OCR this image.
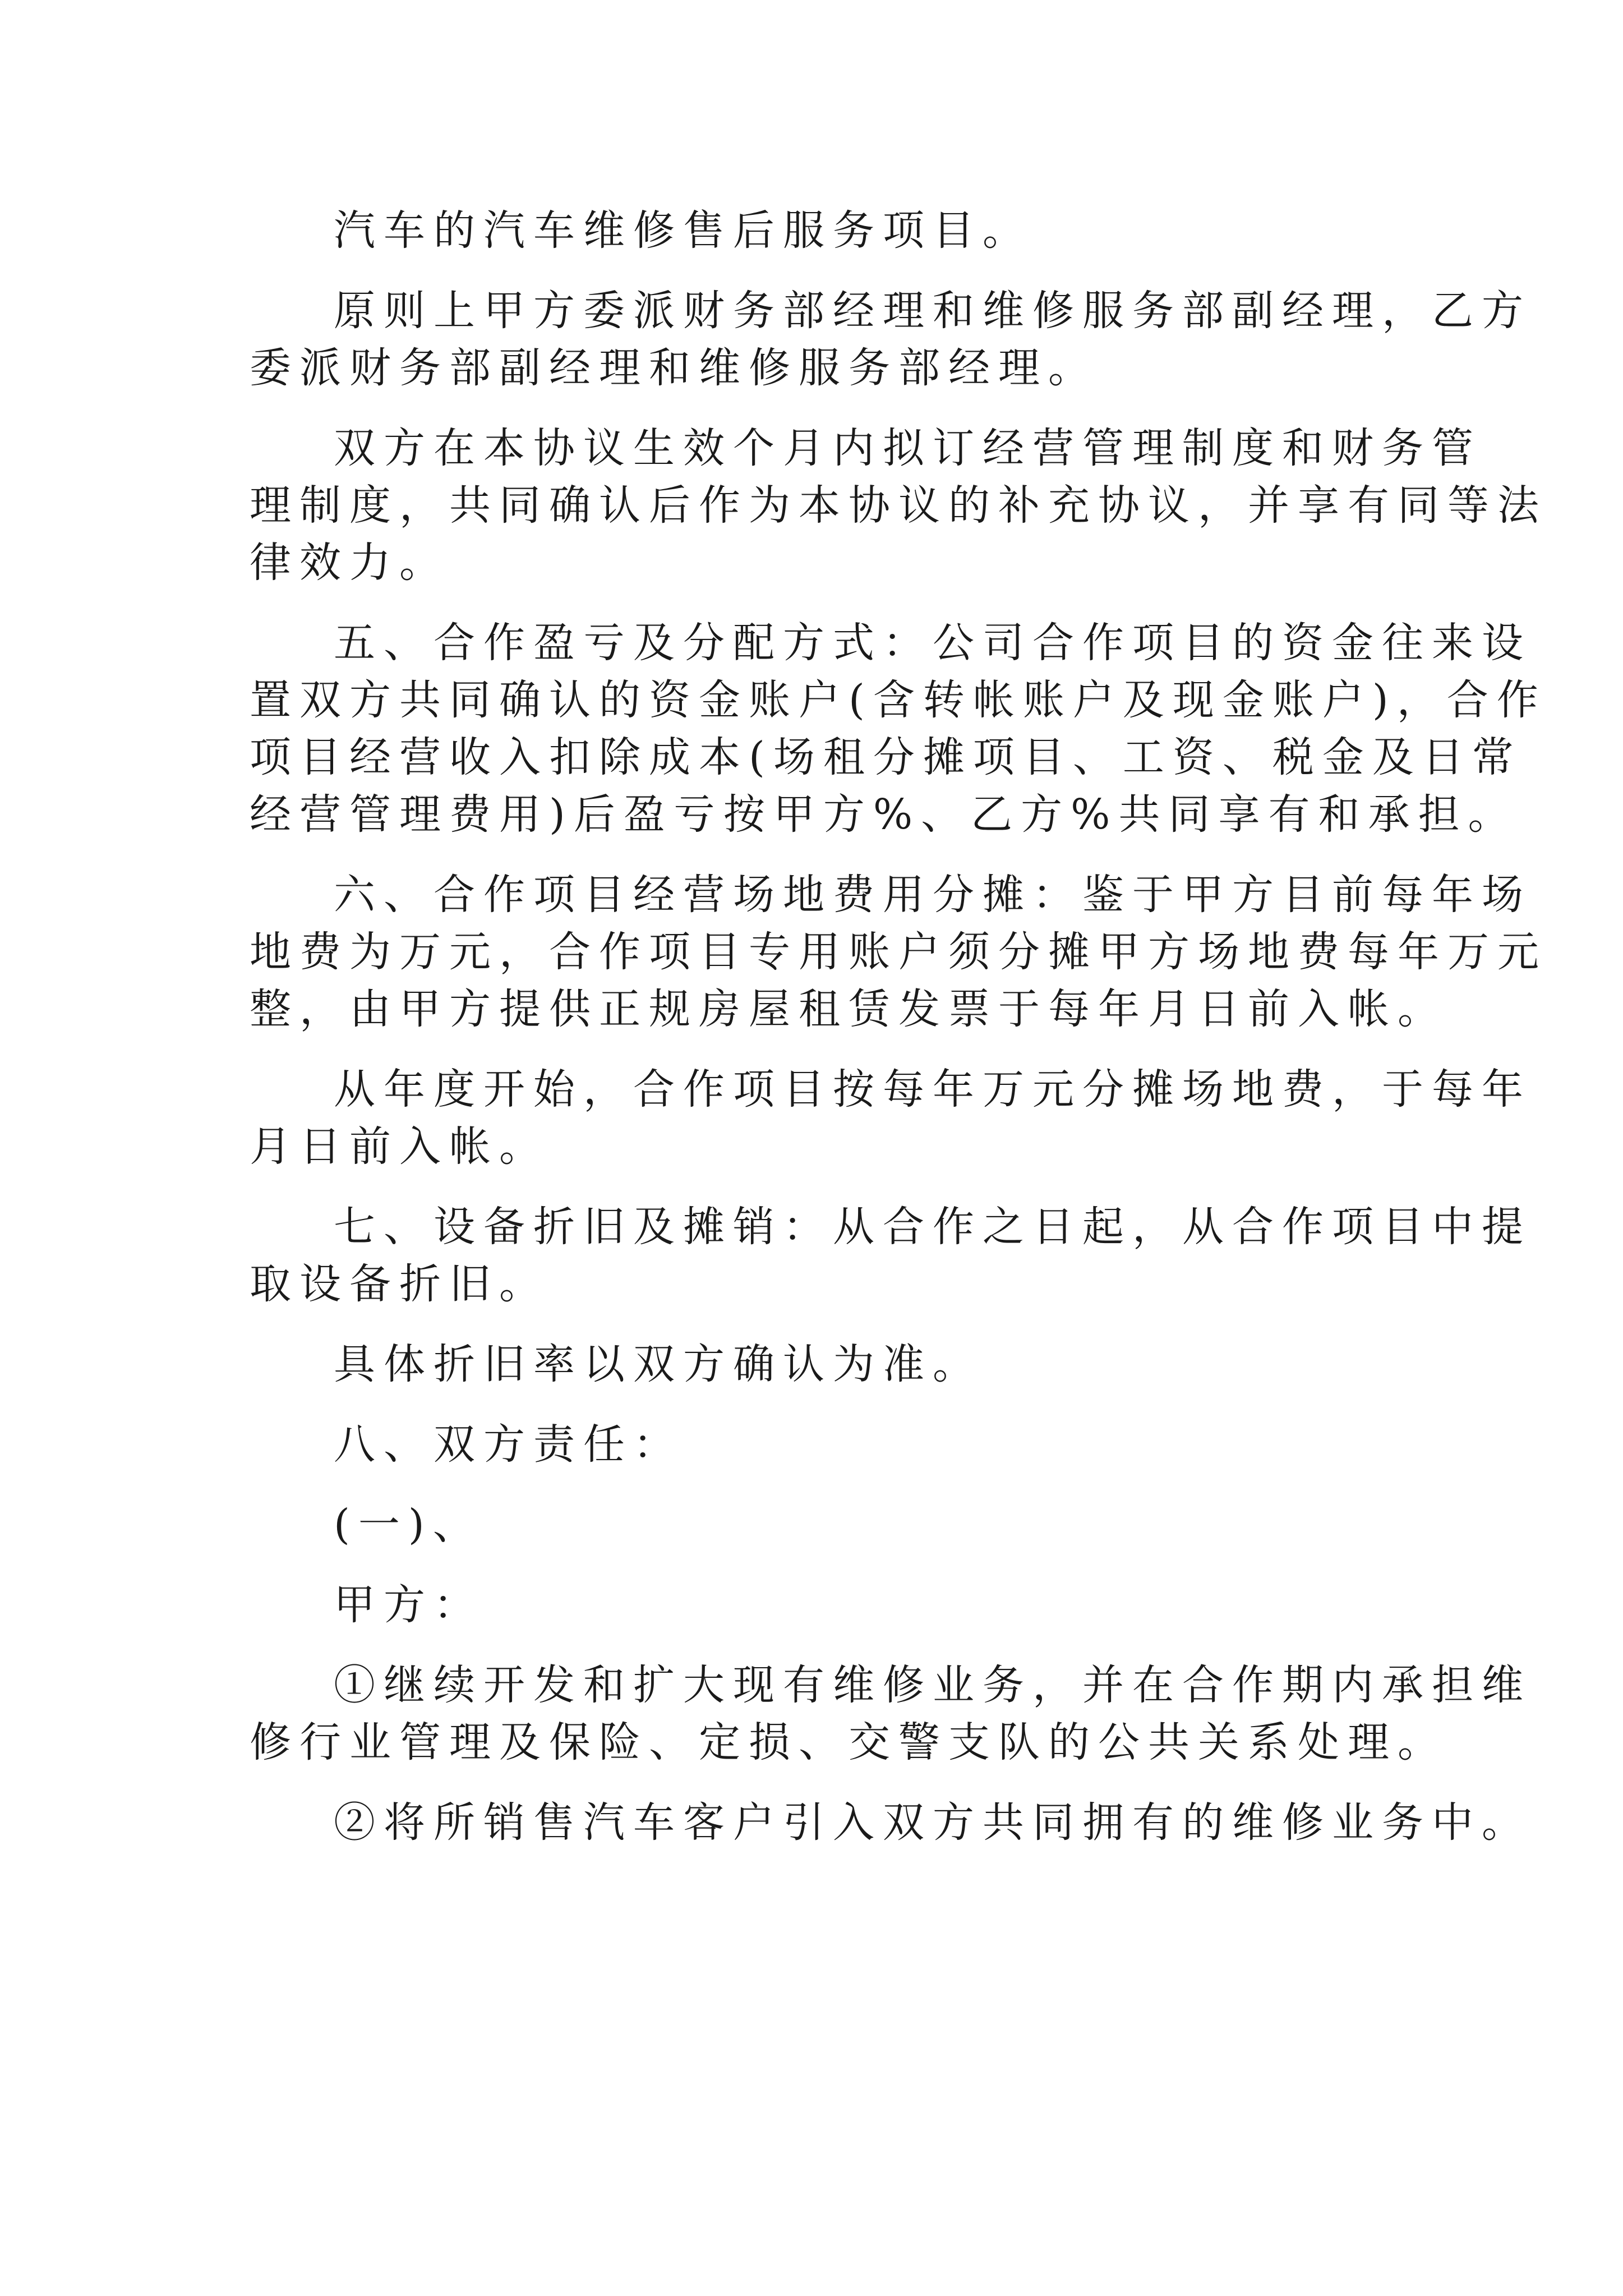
汽车的汽车维修售后服务项目。
原则上甲方委派财务部经理和维修服务部副经理，乙方
委派财务部副经理和维修服务部经理。
双方在本协议生效个月内拟订经营管理制度和财务管
理制度，共同确认后作为本协议的补充协议，并享有同等法
律效力。
五、合作盈亏及分配方式：公司合作项目的资金往来设
置双方共同确认的资金账户(含转帐账户及现金账户)，合作
项目经营收入扣除成本(场租分摊项目、工资、税金及日常
经营管理费用)后盈亏按甲方%、乙方%共同享有和承担。
六、合作项目经营场地费用分摊：鉴于甲方目前每年场
地费为万元，合作项目专用账户须分摊甲方场地费每年万元
整，由甲方提供正规房屋租赁发票于每年月日前入帐。
从年度开始，合作项目按每年万元分摊场地费，于每年
月日前入帐。
七、设备折旧及摊销：从合作之日起，从合作项目中提
取设备折旧。
具体折旧率以双方确认为准。
八、双方责任：
(一)、
甲方：
①继续开发和扩大现有维修业务，并在合作期内承担维
修行业管理及保险、定损、交警支队的公共关系处理。
②将所销售汽车客户引入双方共同拥有的维修业务中。
